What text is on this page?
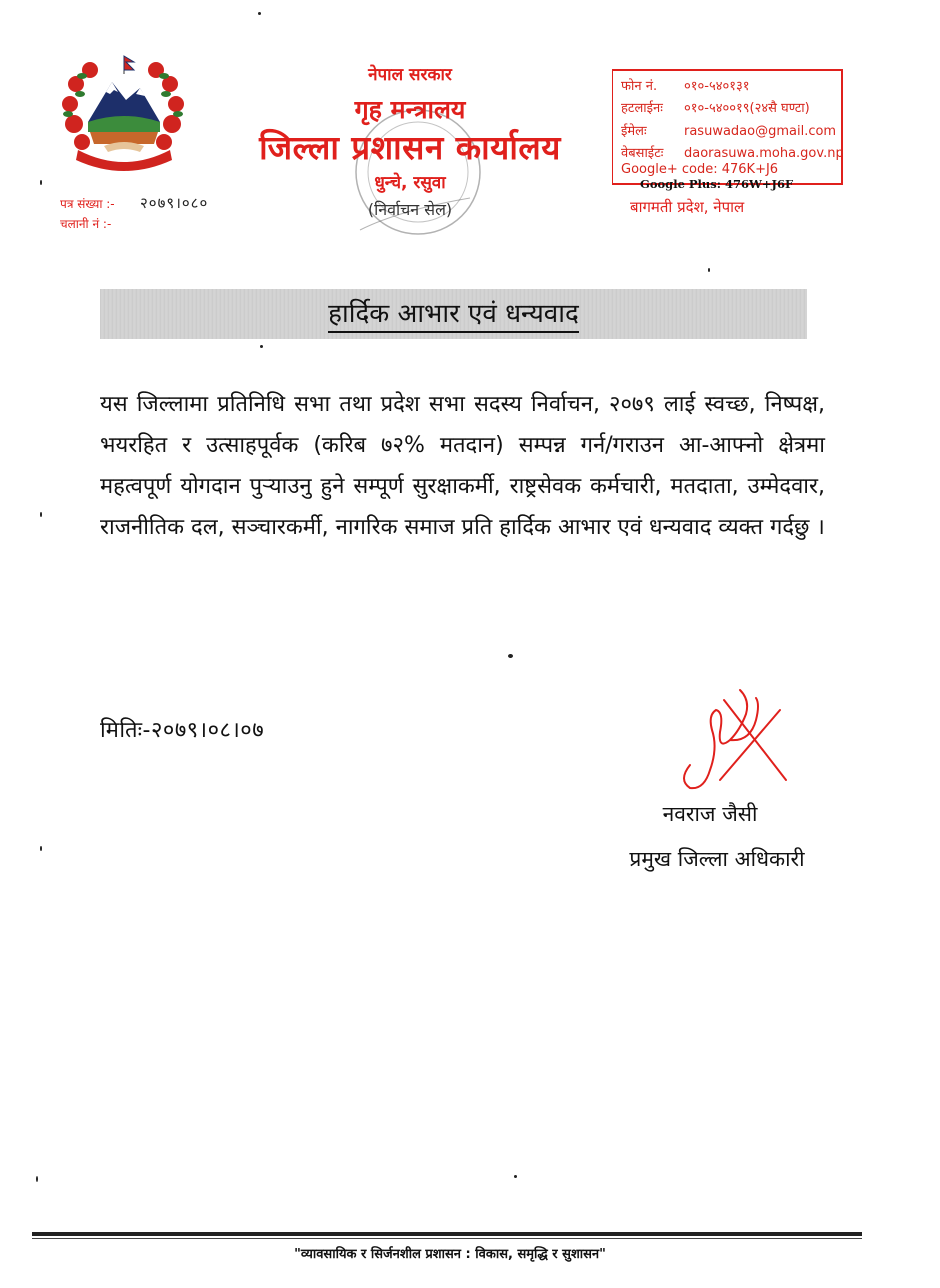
नेपाल सरकार
गृह मन्त्रालय
जिल्ला प्रशासन कार्यालय
धुन्चे, रसुवा
(निर्वाचन सेल)
फोन नं. ०१०-५४०१३१
हटलाईनः ०१०-५४००१९(२४सै घण्टा)
ईमेलः	rasuwadao@gmail.com
वेबसाईटः daorasuwa.moha.gov.np
Google+ code: 476K+J6
Google Plus: 476W+J6F
बागमती प्रदेश, नेपाल
पत्र संख्या :- २०७९।०८०
चलानी नं :-
हार्दिक आभार एवं धन्यवाद
यस जिल्लामा प्रतिनिधि सभा तथा प्रदेश सभा सदस्य निर्वाचन, २०७९ लाई स्वच्छ, निष्पक्ष, भयरहित र उत्साहपूर्वक (करिब ७२% मतदान) सम्पन्न गर्न/गराउन आ-आफ्नो क्षेत्रमा महत्वपूर्ण योगदान पुऱ्याउनु हुने सम्पूर्ण सुरक्षाकर्मी, राष्ट्रसेवक कर्मचारी, मतदाता, उम्मेदवार, राजनीतिक दल, सञ्चारकर्मी, नागरिक समाज प्रति हार्दिक आभार एवं धन्यवाद व्यक्त गर्दछु ।
मितिः-२०७९।०८।०७
नवराज जैसी
प्रमुख जिल्ला अधिकारी
"व्यावसायिक र सिर्जनशील प्रशासन : विकास, समृद्धि र सुशासन"
